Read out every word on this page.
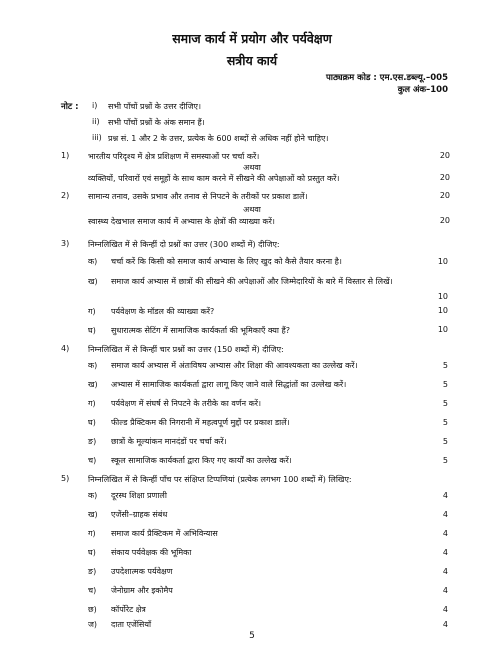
समाज कार्य में प्रयोग और पर्यवेक्षण
सत्रीय कार्य
पाठ्यक्रम कोड : एम.एस.डब्ल्यू.–005
कुल अंक–100
नोट : i) सभी पाँचों प्रश्नों के उत्तर दीजिए।
ii) सभी पाँचों प्रश्नों के अंक समान हैं।
iii) प्रश्न सं. 1 और 2 के उत्तर, प्रत्येक के 600 शब्दों से अधिक नहीं होने चाहिए।
1) भारतीय परिदृश्य में क्षेत्र प्रशिक्षण में समस्याओं पर चर्चा करें।	20
अथवा
व्यक्तियों, परिवारों एवं समूहों के साथ काम करने में सीखने की अपेक्षाओं को प्रस्तुत करें।	20
2) सामान्य तनाव, उसके प्रभाव और तनाव से निपटने के तरीकों पर प्रकाश डालें।	20
अथवा
स्वास्थ्य देखभाल समाज कार्य में अभ्यास के क्षेत्रों की व्याख्या करें।	20
3) निम्नलिखित में से किन्हीं दो प्रश्नों का उत्तर (300 शब्दों में) दीजिए:
क) चर्चा करें कि किसी को समाज कार्य अभ्यास के लिए खुद को कैसे तैयार करना है।	10
ख) समाज कार्य अभ्यास में छात्रों की सीखने की अपेक्षाओं और जिम्मेदारियों के बारे में विस्तार से लिखें।
10
ग) पर्यवेक्षण के मॉडल की व्याख्या करें?	10
घ) सुधारात्मक सेटिंग में सामाजिक कार्यकर्ता की भूमिकाएँ क्या हैं?	10
4) निम्नलिखित में से किन्हीं चार प्रश्नों का उत्तर (150 शब्दों में) दीजिए:
क) समाज कार्य अभ्यास में अंतःविषय अभ्यास और शिक्षा की आवश्यकता का उल्लेख करें।	5
ख) अभ्यास में सामाजिक कार्यकर्ता द्वारा लागू किए जाने वाले सिद्धांतों का उल्लेख करें।	5
ग) पर्यवेक्षण में संघर्ष से निपटने के तरीके का वर्णन करें।	5
घ) फील्ड प्रैक्टिकम की निगरानी में महत्वपूर्ण मुद्दों पर प्रकाश डालें।	5
ङ) छात्रों के मूल्यांकन मानदंडों पर चर्चा करें।	5
च) स्कूल सामाजिक कार्यकर्ता द्वारा किए गए कार्यों का उल्लेख करें।	5
5) निम्नलिखित में से किन्हीं पाँच पर संक्षिप्त टिप्पणियां (प्रत्येक लगभग 100 शब्दों में) लिखिए:
क) दूरस्थ शिक्षा प्रणाली	4
ख) एजेंसी–ग्राहक संबंध	4
ग) समाज कार्य प्रैक्टिकम में अभिविन्यास	4
घ) संकाय पर्यवेक्षक की भूमिका	4
ङ) उपदेशात्मक पर्यवेक्षण	4
च) जेनोग्राम और इकोमैप	4
छ) कॉर्पोरेट क्षेत्र	4
ज) दाता एजेंसियाँ	4
5
